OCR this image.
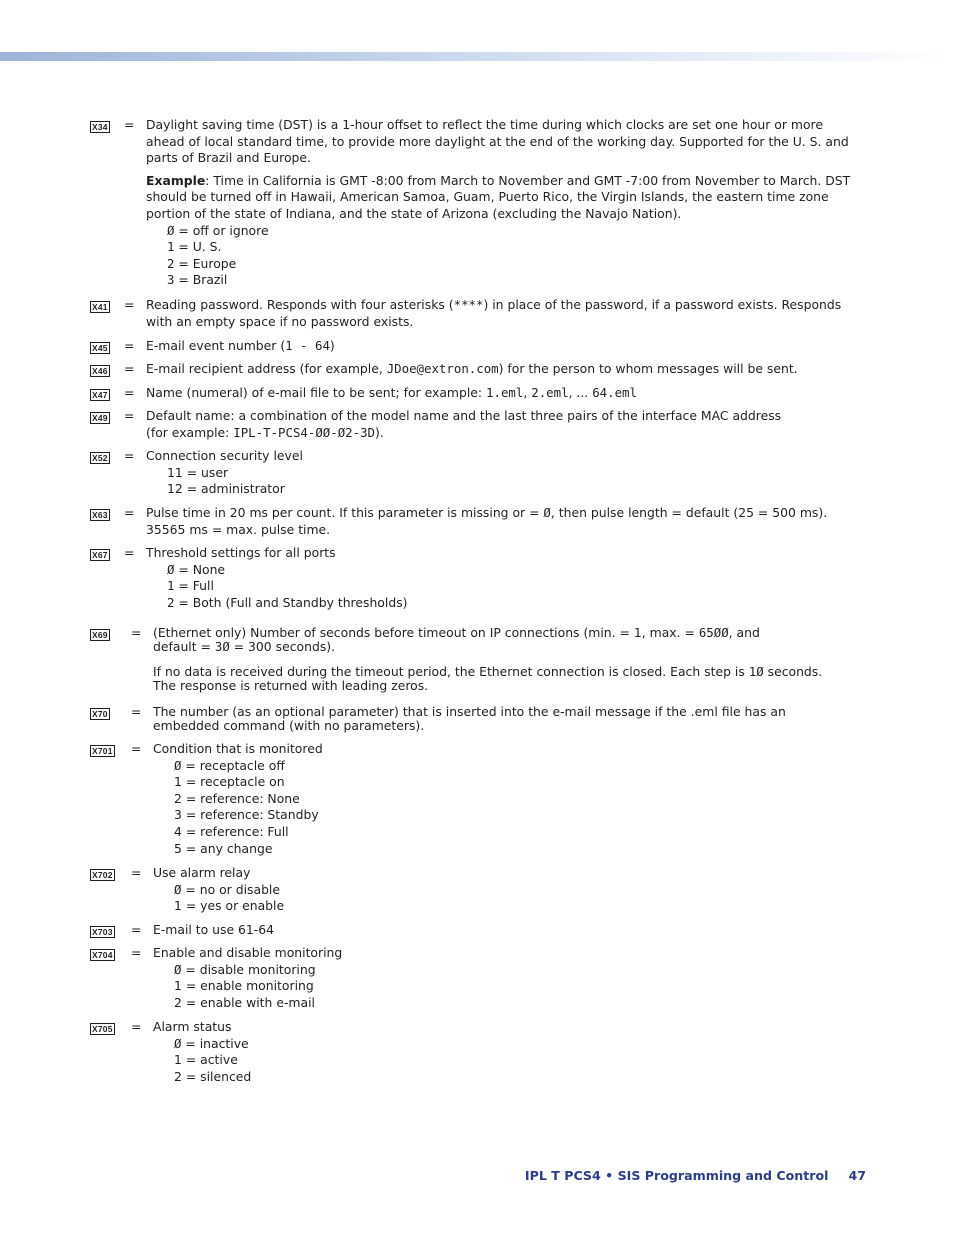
X34 = Daylight saving time (DST) is a 1-hour offset to reflect the time during which clocks are set one hour or more ahead of local standard time, to provide more daylight at the end of the working day. Supported for the U. S. and parts of Brazil and Europe.

Example: Time in California is GMT -8:00 from March to November and GMT -7:00 from November to March. DST should be turned off in Hawaii, American Samoa, Guam, Puerto Rico, the Virgin Islands, the eastern time zone portion of the state of Indiana, and the state of Arizona (excluding the Navajo Nation).

Ø = off or ignore

1 = U. S.

2 = Europe

3 = Brazil

X41 = Reading password. Responds with four asterisks (****) in place of the password, if a password exists. Responds with an empty space if no password exists.

X45 = E-mail event number (1 - 64)

X46 = E-mail recipient address (for example, JDoe@extron.com) for the person to whom messages will be sent.

X47 = Name (numeral) of e-mail file to be sent; for example: 1.eml, 2.eml, ... 64.eml

X49 = Default name: a combination of the model name and the last three pairs of the interface MAC address

(for example: IPL-T-PCS4-ØØ-Ø2-3D).

X52 = Connection security level

11 = user

12 = administrator

X63 = Pulse time in 20 ms per count. If this parameter is missing or = Ø, then pulse length = default (25 = 500 ms).

35565 ms = max. pulse time.

X67 = Threshold settings for all ports

Ø = None

1 = Full

2 = Both (Full and Standby thresholds)

X69 = (Ethernet only) Number of seconds before timeout on IP connections (min. = 1, max. = 65ØØ, and

default = 3Ø = 300 seconds).

If no data is received during the timeout period, the Ethernet connection is closed. Each step is 1Ø seconds. The response is returned with leading zeros.

X70 = The number (as an optional parameter) that is inserted into the e-mail message if the .eml file has an embedded command (with no parameters).

X701 = Condition that is monitored

Ø = receptacle off

1 = receptacle on

2 = reference: None

3 = reference: Standby

4 = reference: Full

5 = any change

X702 = Use alarm relay

Ø = no or disable

1 = yes or enable

X703 = E-mail to use 61-64

X704 = Enable and disable monitoring

Ø = disable monitoring

1 = enable monitoring

2 = enable with e-mail

X705 = Alarm status

Ø = inactive

1 = active

2 = silenced

IPL T PCS4 • SIS Programming and Control 47
